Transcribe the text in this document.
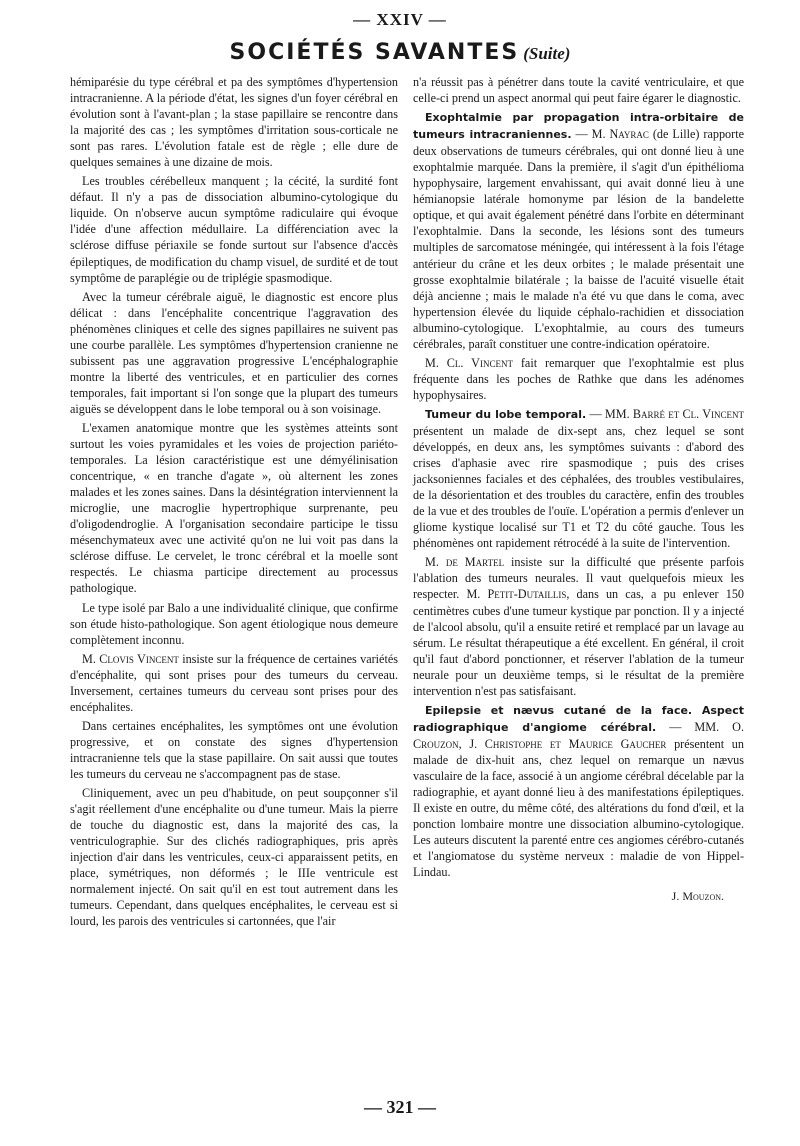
— XXIV —
SOCIÉTÉS SAVANTES (Suite)

hémiparésie du type cérébral et pa des symptômes d'hypertension intracranienne. A la période d'état, les signes d'un foyer cérébral en évolution sont à l'avant-plan ; la stase papillaire se rencontre dans la majorité des cas ; les symptômes d'irritation sous-corticale ne sont pas rares. L'évolution fatale est de règle ; elle dure de quelques semaines à une dizaine de mois.

Les troubles cérébelleux manquent ; la cécité, la surdité font défaut. Il n'y a pas de dissociation albumino-cytologique du liquide. On n'observe aucun symptôme radiculaire qui évoque l'idée d'une affection médullaire. La différenciation avec la sclérose diffuse périaxile se fonde surtout sur l'absence d'accès épileptiques, de modification du champ visuel, de surdité et de tout symptôme de paraplégie ou de triplégie spasmodique.

Avec la tumeur cérébrale aiguë, le diagnostic est encore plus délicat : dans l'encéphalite concentrique l'aggravation des phénomènes cliniques et celle des signes papillaires ne suivent pas une courbe parallèle. Les symptômes d'hypertension cranienne ne subissent pas une aggravation progressive L'encéphalographie montre la liberté des ventricules, et en particulier des cornes temporales, fait important si l'on songe que la plupart des tumeurs aiguës se développent dans le lobe temporal ou à son voisinage.

L'examen anatomique montre que les systèmes atteints sont surtout les voies pyramidales et les voies de projection pariéto-temporales. La lésion caractéristique est une démyélinisation concentrique, « en tranche d'agate », où alternent les zones malades et les zones saines. Dans la désintégration interviennent la microglie, une macroglie hypertrophique surprenante, peu d'oligodendroglie. A l'organisation secondaire participe le tissu mésenchymateux avec une activité qu'on ne lui voit pas dans la sclérose diffuse. Le cervelet, le tronc cérébral et la moelle sont respectés. Le chiasma participe directement au processus pathologique.

Le type isolé par Balo a une individualité clinique, que confirme son étude histo-pathologique. Son agent étiologique nous demeure complètement inconnu.

M. Clovis Vincent insiste sur la fréquence de certaines variétés d'encéphalite, qui sont prises pour des tumeurs du cerveau. Inversement, certaines tumeurs du cerveau sont prises pour des encéphalites.

Dans certaines encéphalites, les symptômes ont une évolution progressive, et on constate des signes d'hypertension intracranienne tels que la stase papillaire. On sait aussi que toutes les tumeurs du cerveau ne s'accompagnent pas de stase.

Cliniquement, avec un peu d'habitude, on peut soupçonner s'il s'agit réellement d'une encéphalite ou d'une tumeur. Mais la pierre de touche du diagnostic est, dans la majorité des cas, la ventriculographie. Sur des clichés radiographiques, pris après injection d'air dans les ventricules, ceux-ci apparaissent petits, en place, symétriques, non déformés ; le IIIe ventricule est normalement injecté. On sait qu'il en est tout autrement dans les tumeurs. Cependant, dans quelques encéphalites, le cerveau est si lourd, les parois des ventricules si cartonnées, que l'air

n'a réussit pas à pénétrer dans toute la cavité ventriculaire, et que celle-ci prend un aspect anormal qui peut faire égarer le diagnostic.

Exophtalmie par propagation intra-orbitaire de tumeurs intracraniennes. — M. Nayrac (de Lille) rapporte deux observations de tumeurs cérébrales, qui ont donné lieu à une exophtalmie marquée. Dans la première, il s'agit d'un épithélioma hypophysaire, largement envahissant, qui avait donné lieu à une hémianopsie latérale homonyme par lésion de la bandelette optique, et qui avait également pénétré dans l'orbite en déterminant l'exophtalmie. Dans la seconde, les lésions sont des tumeurs multiples de sarcomatose méningée, qui intéressent à la fois l'étage antérieur du crâne et les deux orbites ; le malade présentait une grosse exophtalmie bilatérale ; la baisse de l'acuité visuelle était déjà ancienne ; mais le malade n'a été vu que dans le coma, avec hypertension élevée du liquide céphalo-rachidien et dissociation albumino-cytologique. L'exophtalmie, au cours des tumeurs cérébrales, paraît constituer une contre-indication opératoire.

M. Cl. Vincent fait remarquer que l'exophtalmie est plus fréquente dans les poches de Rathke que dans les adénomes hypophysaires.

Tumeur du lobe temporal. — MM. Barré et Cl. Vincent présentent un malade de dix-sept ans, chez lequel se sont développés, en deux ans, les symptômes suivants : d'abord des crises d'aphasie avec rire spasmodique ; puis des crises jacksoniennes faciales et des céphalées, des troubles vestibulaires, de la désorientation et des troubles du caractère, enfin des troubles de la vue et des troubles de l'ouïe. L'opération a permis d'enlever un gliome kystique localisé sur T1 et T2 du côté gauche. Tous les phénomènes ont rapidement rétrocédé à la suite de l'intervention.

M. de Martel insiste sur la difficulté que présente parfois l'ablation des tumeurs neurales. Il vaut quelquefois mieux les respecter. M. Petit-Dutaillis, dans un cas, a pu enlever 150 centimètres cubes d'une tumeur kystique par ponction. Il y a injecté de l'alcool absolu, qu'il a ensuite retiré et remplacé par un lavage au sérum. Le résultat thérapeutique a été excellent. En général, il croit qu'il faut d'abord ponctionner, et réserver l'ablation de la tumeur neurale pour un deuxième temps, si le résultat de la première intervention n'est pas satisfaisant.

Epilepsie et nævus cutané de la face. Aspect radiographique d'angiome cérébral. — MM. O. Crouzon, J. Christophe et Maurice Gaucher présentent un malade de dix-huit ans, chez lequel on remarque un nævus vasculaire de la face, associé à un angiome cérébral décelable par la radiographie, et ayant donné lieu à des manifestations épileptiques. Il existe en outre, du même côté, des altérations du fond d'œil, et la ponction lombaire montre une dissociation albumino-cytologique. Les auteurs discutent la parenté entre ces angiomes cérébro-cutanés et l'angiomatose du système nerveux : maladie de von Hippel-Lindau.

J. Mouzon.
— 321 —
